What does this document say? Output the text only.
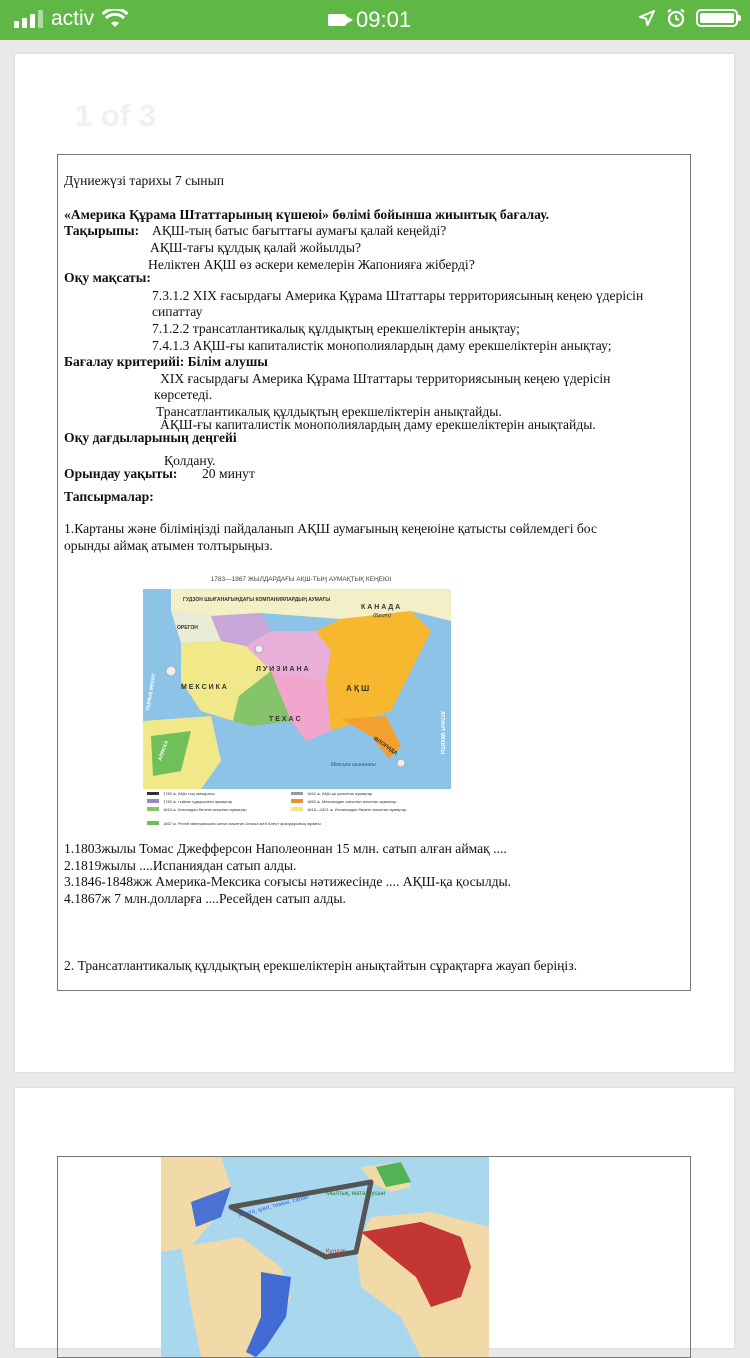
activ	09:01
1 of 3
Дүниежүзі тарихы 7 сынып
«Америка Құрама Штаттарының күшеюі» бөлімі бойынша жиынтық бағалау.
Тақырыпы: АҚШ-тың батыс бағыттағы аумағы қалай кеңейді?
АҚШ-тағы құлдық қалай жойылды?
Неліктен АҚШ өз әскери кемелерін Жапонияға жіберді?
Оқу мақсаты:
7.3.1.2 XIX ғасырдағы Америка Құрама Штаттары территориясының кеңею үдерісін
сипаттау
7.1.2.2 трансатлантикалық құлдықтың ерекшеліктерін анықтау;
7.4.1.3 АҚШ-ғы капиталистік монополиялардың даму ерекшеліктерін анықтау;
Бағалау критерийі: Білім алушы
XIX ғасырдағы Америка Құрама Штаттары территориясының кеңею үдерісін
көрсетеді.
Трансатлантикалық құлдықтың ерекшеліктерін анықтайды.
АҚШ-ғы капиталистік монополиялардың даму ерекшеліктерін анықтайды.
Оқу дағдыларының деңгейі
Қолдану.
Орындау уақыты: 20 минут
Тапсырмалар:
1.Картаны және біліміңізді пайдаланып АҚШ аумағының кеңеюіне қатысты сөйлемдегі бос
орынды аймақ атымен толтырыңыз.
1783—1867 ЖЫЛДАРДАҒЫ АҚШ-ТЫҢ АУМАҚТЫҚ КЕҢЕЮІ
К А Н А Д А
(Брит)
ГУДЗОН ШЫҒАНАҒЫНДАҒЫ КОМПАНИЯЛАРДЫҢ АУМАҒЫ
ОРЕГОН
Л У И З И А Н А
М Е К С И К А
Т Е Х А С
А Қ Ш
ФЛОРИДА
АЛЯСКА
Мексика шығанағы
ТЫНЫҚ МҰХИТ
АТЛАНТ МҰХИТЫ
1783 ж. АҚШ-тың шекарасы
1783 ж. тыйым тудырылған аумақтар
1818 ж. Англиядан бөлініп алынған аумақтар
1867 ж. Ресей империясына сатып алынған Аляска мен Алеут аралдарының аумағы
1842 ж. АҚШ-қа қосылған аумақтар
1853 ж. Мексикадан сатылып алынған аумақтар
1818—1821 ж. Испаниядан бөлініп алынған аумақтар
1.1803жылы Томас Джефферсон Наполеоннан 15 млн. сатып алған аймақ ....
2.1819жылы ....Испаниядан сатып алды.
3.1846-1848жж Америка-Мексика соғысы нәтижесінде .... АҚШ-қа қосылды.
4.1867ж 7 млн.долларға ....Ресейден сатып алды.
2. Трансатлантикалық құлдықтың ерекшеліктерін анықтайтын сұрақтарға жауап беріңіз.
Мылтық, мата, сусын
Мақта, қант, темекі, сабан
Құлдар
